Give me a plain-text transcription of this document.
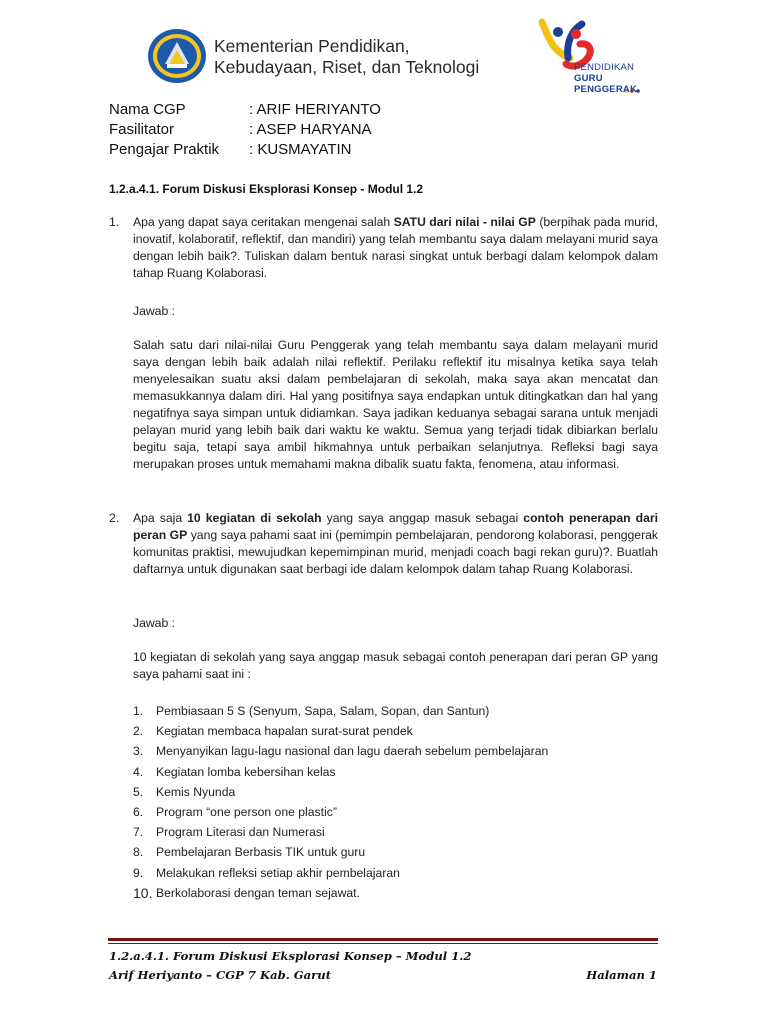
Kementerian Pendidikan,
Kebudayaan, Riset, dan Teknologi	PENDIDIKAN
GURU
PENGGERAK
Nama CGP	: ARIF HERIYANTO
Fasilitator	: ASEP HARYANA
Pengajar Praktik	: KUSMAYATIN
1.2.a.4.1. Forum Diskusi Eksplorasi Konsep - Modul 1.2
1. Apa yang dapat saya ceritakan mengenai salah SATU dari nilai - nilai GP (berpihak pada murid, inovatif, kolaboratif, reflektif, dan mandiri) yang telah membantu saya dalam melayani murid saya dengan lebih baik?. Tuliskan dalam bentuk narasi singkat untuk berbagi dalam kelompok dalam tahap Ruang Kolaborasi.
Jawab :
Salah satu dari nilai-nilai Guru Penggerak yang telah membantu saya dalam melayani murid saya dengan lebih baik adalah nilai reflektif. Perilaku reflektif itu misalnya ketika saya telah menyelesaikan suatu aksi dalam pembelajaran di sekolah, maka saya akan mencatat dan memasukkannya dalam diri. Hal yang positifnya saya endapkan untuk ditingkatkan dan hal yang negatifnya saya simpan untuk didiamkan. Saya jadikan keduanya sebagai sarana untuk menjadi pelayan murid yang lebih baik dari waktu ke waktu. Semua yang terjadi tidak dibiarkan berlalu begitu saja, tetapi saya ambil hikmahnya untuk perbaikan selanjutnya. Refleksi bagi saya merupakan proses untuk memahami makna dibalik suatu fakta, fenomena, atau informasi.
2. Apa saja 10 kegiatan di sekolah yang saya anggap masuk sebagai contoh penerapan dari peran GP yang saya pahami saat ini (pemimpin pembelajaran, pendorong kolaborasi, penggerak komunitas praktisi, mewujudkan kepemimpinan murid, menjadi coach bagi rekan guru)?. Buatlah daftarnya untuk digunakan saat berbagi ide dalam kelompok dalam tahap Ruang Kolaborasi.
Jawab :
10 kegiatan di sekolah yang saya anggap masuk sebagai contoh penerapan dari peran GP yang saya pahami saat ini :
1.	Pembiasaan 5 S (Senyum, Sapa, Salam, Sopan, dan Santun)
2.	Kegiatan membaca hapalan surat-surat pendek
3.	Menyanyikan lagu-lagu nasional dan lagu daerah sebelum pembelajaran
4.	Kegiatan lomba kebersihan kelas
5.	Kemis Nyunda
6.	Program “one person one plastic”
7.	Program Literasi dan Numerasi
8.	Pembelajaran Berbasis TIK untuk guru
9.	Melakukan refleksi setiap akhir pembelajaran
10. Berkolaborasi dengan teman sejawat.
1.2.a.4.1. Forum Diskusi Eksplorasi Konsep – Modul 1.2
Arif Heriyanto – CGP 7 Kab. Garut	Halaman 1
